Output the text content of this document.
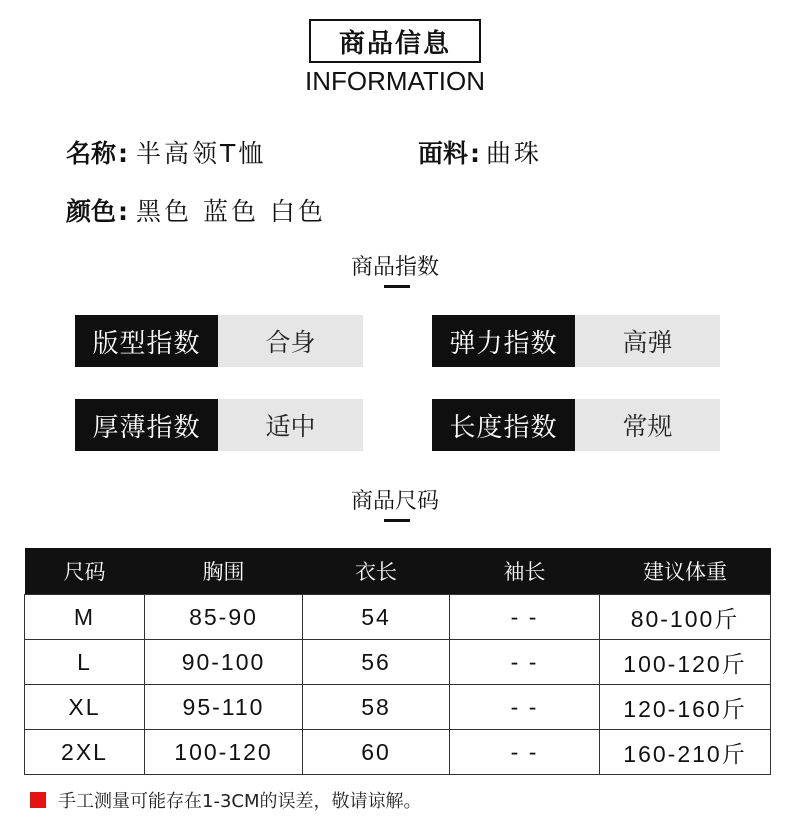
商品信息
INFORMATION
名称 : 半高领T恤	面料 : 曲珠
颜色 : 黑色 蓝色 白色
商品指数
版型指数	合身	弹力指数	高弹
厚薄指数	适中	长度指数	常规
商品尺码
尺码	胸围	衣长	袖长	建议体重
M	85-90	54	- -	80-100斤
L	90-100	56	- -	100-120斤
XL	95-110	58	- -	120-160斤
2XL	100-120	60	- -	160-210斤
手工测量可能存在1-3CM的误差，敬请谅解。
